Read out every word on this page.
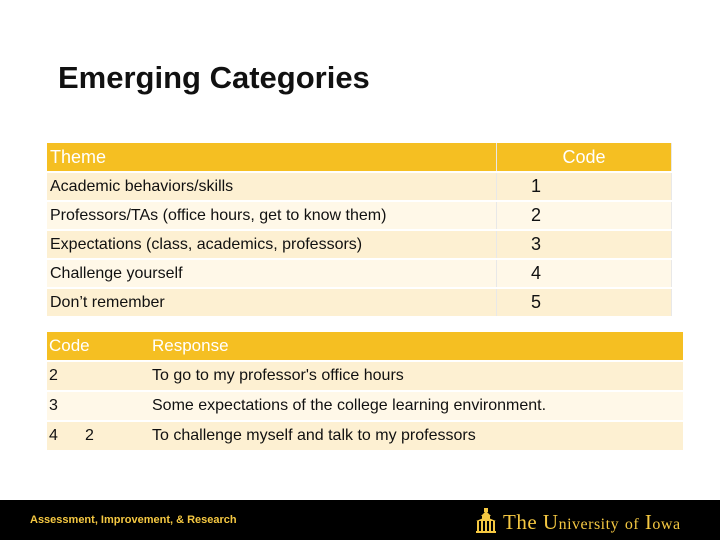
Emerging Categories
Theme	Code
Academic behaviors/skills	1
Professors/TAs (office hours, get to know them)	2
Expectations (class, academics, professors)	3
Challenge yourself	4
Don’t remember	5
Code		Response
2		To go to my professor's office hours
3		Some expectations of the college learning environment.
4	2	To challenge myself and talk to my professors
Assessment, Improvement, & Research	The University of Iowa
